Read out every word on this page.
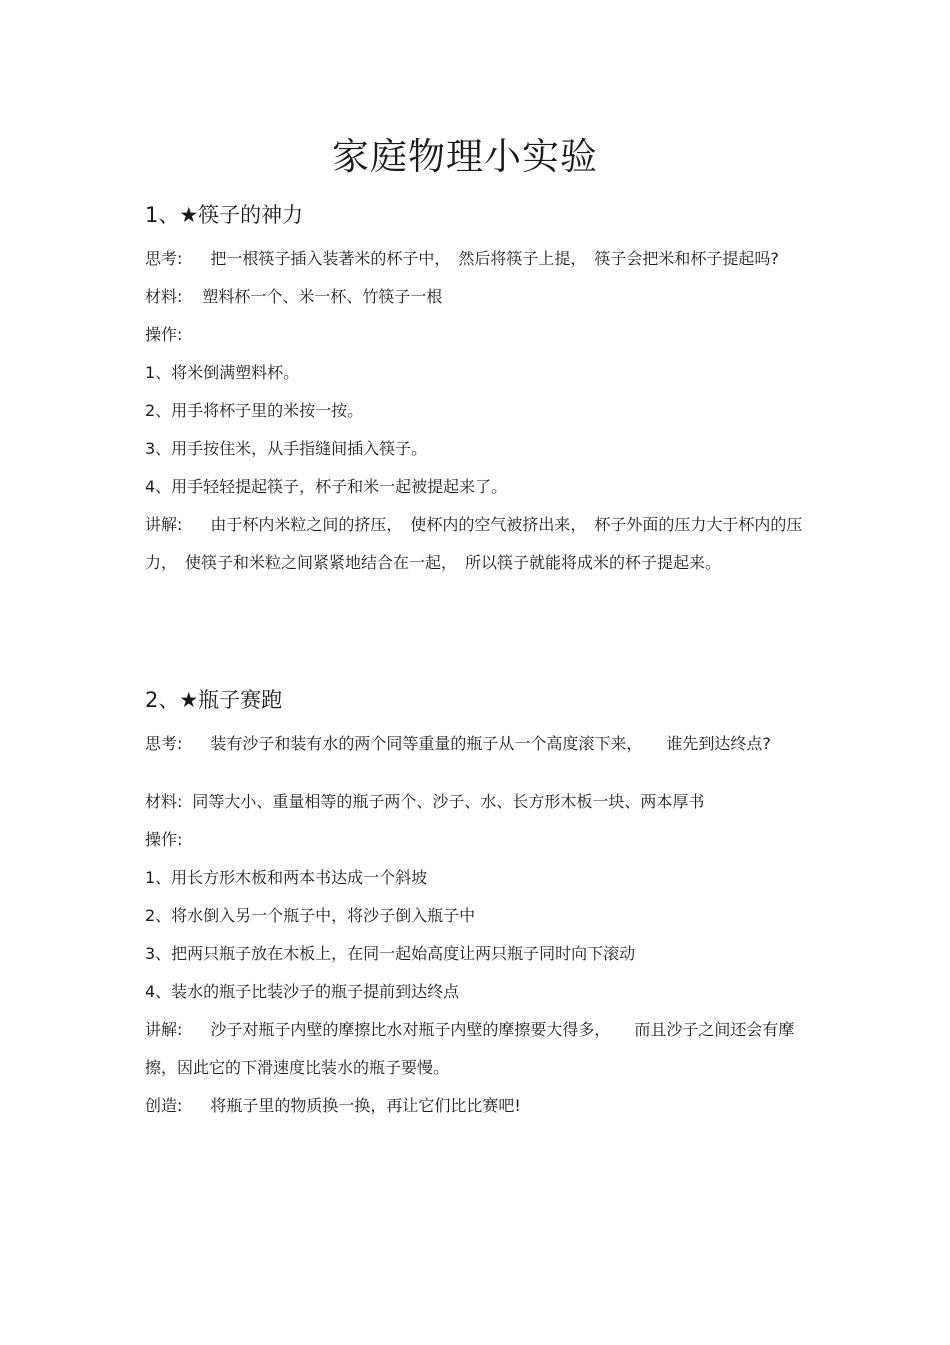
家庭物理小实验
1、★筷子的神力

思考: 把一根筷子插入装著米的杯子中，　然后将筷子上提，　筷子会把米和杯子提起吗?

材料: 塑料杯一个、米一杯、竹筷子一根
操作:
1、将米倒满塑料杯。
2、用手将杯子里的米按一按。
3、用手按住米，从手指缝间插入筷子。
4、用手轻轻提起筷子，杯子和米一起被提起来了。

讲解: 由于杯内米粒之间的挤压，　使杯内的空气被挤出来，　杯子外面的压力大于杯内的压力，　使筷子和米粒之间紧紧地结合在一起，　所以筷子就能将成米的杯子提起来。

2、★瓶子赛跑

思考: 装有沙子和装有水的两个同等重量的瓶子从一个高度滚下来，　　谁先到达终点?

材料: 同等大小、重量相等的瓶子两个、沙子、水、长方形木板一块、两本厚书
操作:
1、用长方形木板和两本书达成一个斜坡
2、将水倒入另一个瓶子中，将沙子倒入瓶子中
3、把两只瓶子放在木板上，在同一起始高度让两只瓶子同时向下滚动
4、装水的瓶子比装沙子的瓶子提前到达终点

讲解: 沙子对瓶子内壁的摩擦比水对瓶子内壁的摩擦要大得多，　　而且沙子之间还会有摩擦，因此它的下滑速度比装水的瓶子要慢。

创造: 将瓶子里的物质换一换，再让它们比比赛吧!
